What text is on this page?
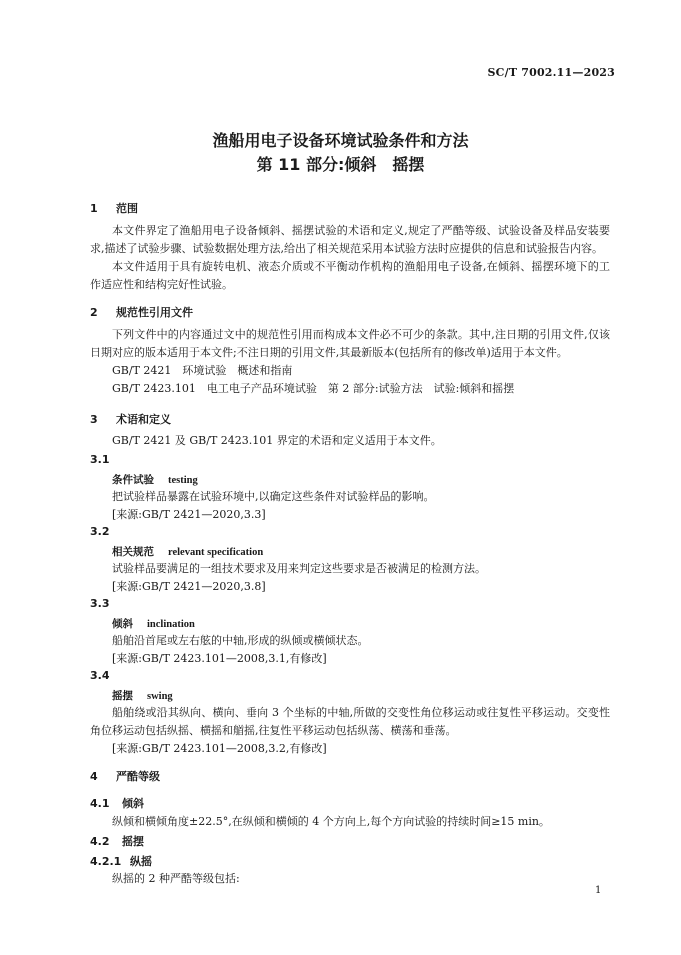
SC/T 7002.11—2023
渔船用电子设备环境试验条件和方法
第 11 部分:倾斜　摇摆
1 范围
本文件界定了渔船用电子设备倾斜、摇摆试验的术语和定义,规定了严酷等级、试验设备及样品安装要求,描述了试验步骤、试验数据处理方法,给出了相关规范采用本试验方法时应提供的信息和试验报告内容。
本文件适用于具有旋转电机、液态介质或不平衡动作机构的渔船用电子设备,在倾斜、摇摆环境下的工作适应性和结构完好性试验。
2 规范性引用文件
下列文件中的内容通过文中的规范性引用而构成本文件必不可少的条款。其中,注日期的引用文件,仅该日期对应的版本适用于本文件;不注日期的引用文件,其最新版本(包括所有的修改单)适用于本文件。
GB/T 2421　环境试验　概述和指南
GB/T 2423.101　电工电子产品环境试验　第 2 部分:试验方法　试验:倾斜和摇摆
3 术语和定义
GB/T 2421 及 GB/T 2423.101 界定的术语和定义适用于本文件。
3.1
条件试验 testing
把试验样品暴露在试验环境中,以确定这些条件对试验样品的影响。
[来源:GB/T 2421—2020,3.3]
3.2
相关规范 relevant specification
试验样品要满足的一组技术要求及用来判定这些要求是否被满足的检测方法。
[来源:GB/T 2421—2020,3.8]
3.3
倾斜 inclination
船舶沿首尾或左右舷的中轴,形成的纵倾或横倾状态。
[来源:GB/T 2423.101—2008,3.1,有修改]
3.4
摇摆 swing
船舶绕或沿其纵向、横向、垂向 3 个坐标的中轴,所做的交变性角位移运动或往复性平移运动。交变性角位移运动包括纵摇、横摇和艏摇,往复性平移运动包括纵荡、横荡和垂荡。
[来源:GB/T 2423.101—2008,3.2,有修改]
4 严酷等级
4.1 倾斜
纵倾和横倾角度±22.5°,在纵倾和横倾的 4 个方向上,每个方向试验的持续时间≥15 min。
4.2 摇摆
4.2.1 纵摇
纵摇的 2 种严酷等级包括:
1
